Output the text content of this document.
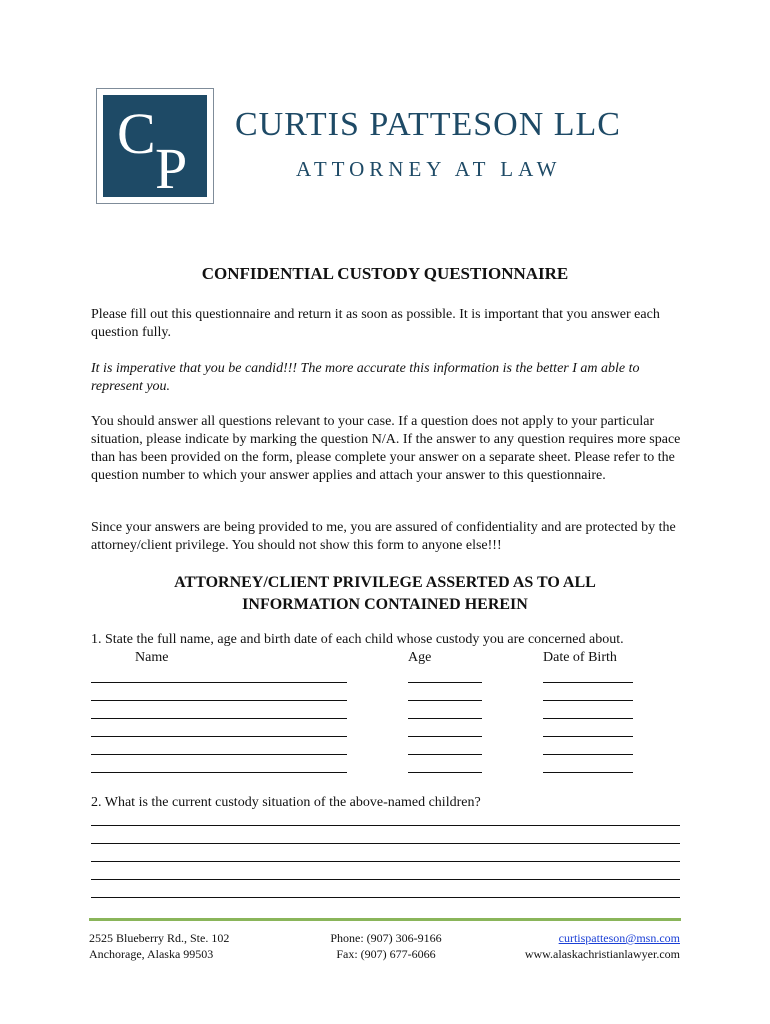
C
P
CURTIS PATTESON LLC
ATTORNEY AT LAW
CONFIDENTIAL CUSTODY QUESTIONNAIRE

Please fill out this questionnaire and return it as soon as possible. It is important that you answer each question fully.

It is imperative that you be candid!!! The more accurate this information is the better I am able to represent you.

You should answer all questions relevant to your case. If a question does not apply to your particular situation, please indicate by marking the question N/A. If the answer to any question requires more space than has been provided on the form, please complete your answer on a separate sheet. Please refer to the question number to which your answer applies and attach your answer to this questionnaire.

Since your answers are being provided to me, you are assured of confidentiality and are protected by the attorney/client privilege. You should not show this form to anyone else!!!

ATTORNEY/CLIENT PRIVILEGE ASSERTED AS TO ALL
INFORMATION CONTAINED HEREIN
1. State the full name, age and birth date of each child whose custody you are concerned about.
Name	Age	Date of Birth
2. What is the current custody situation of the above-named children?
2525 Blueberry Rd., Ste. 102
Anchorage, Alaska 99503
Phone: (907) 306-9166
Fax: (907) 677-6066
curtispatteson@msn.com
www.alaskachristianlawyer.com
